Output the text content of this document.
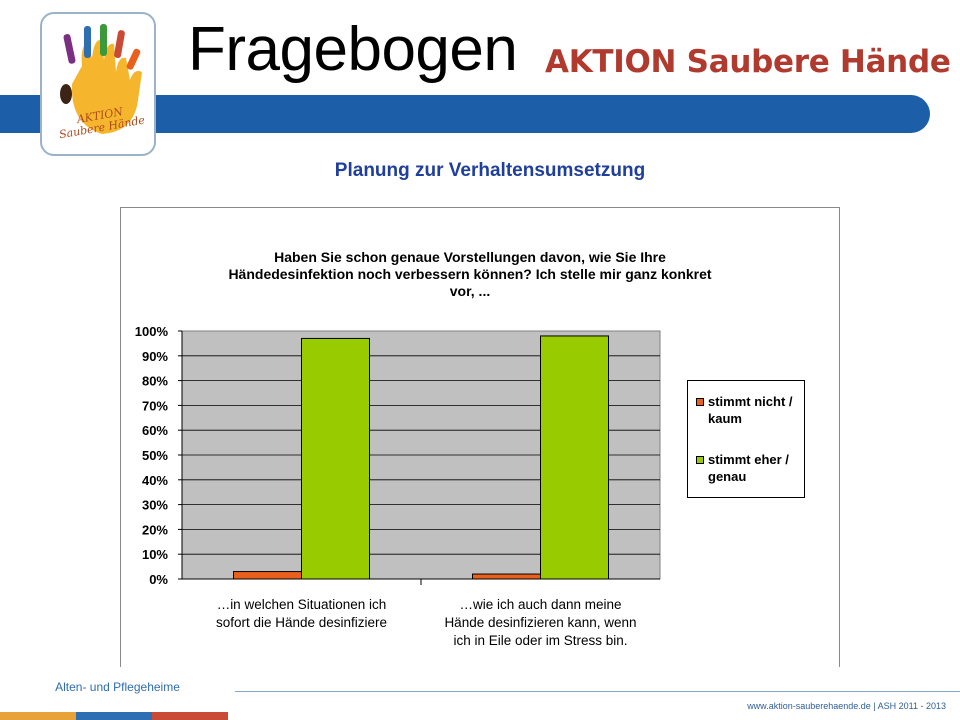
AKTION Saubere Hände
Fragebogen AKTION Saubere Hände
Planung zur Verhaltensumsetzung
0%
10%
20%
30%
40%
50%
60%
70%
80%
90%
100%
…in welchen Situationen ich sofort die Hände desinfiziere
…wie ich auch dann meine Hände desinfizieren kann, wenn ich in Eile oder im Stress bin.
Haben Sie schon genaue Vorstellungen davon, wie Sie Ihre
Händedesinfektion noch verbessern können? Ich stelle mir ganz konkret
vor, ...
stimmt nicht / kaum
stimmt eher / genau
Alten- und Pflegeheime
www.aktion-sauberehaende.de | ASH 2011 - 2013
